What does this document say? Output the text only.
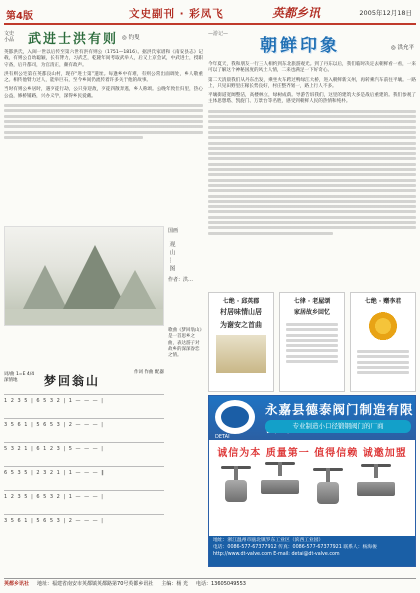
第4版	文史副刊 · 彩凤飞	英都乡讯	2005年12月18日
文史 小品	武进士洪有则 ◎ 钓叟

英都洪氏，入闽一世以后传至第六世有洪有则公（1751—1816）。据洪氏家谱和《南安县志》记载，有则公自幼聪颖，长有膂力，习武艺，乾隆年间考取武举人，后又上京会试，中武进士，授职守备，后升都司，为官清正，颇有政声。

洪有则公宅第在英都良山村，现存“进士第”遗址。每逢乡中有难，有则公常出面调处，乡人敬重之。相传他臂力过人，能举巨石，至今乡间仍流传着许多关于他的故事。

当时有则公乡居时，遇歹徒行劫，公只身迎敌，歹徒四散奔逃，乡人称颂。公晚年致仕归里，热心公益，修桥铺路，兴办义学，深得乡民爱戴。

国画
观山…图
作者：洪…
词/曲 1=E 4/4 深情地	梦回翁山
作词 作曲 配器
1 2 3 5 | 6 5 3 2 | 1 — — — |
3 5 6 1 | 5 6 5 3 | 2 — — — |
5 3 2 1 | 6 1 2 3 | 5 — — — |
6 5 3 5 | 2 3 2 1 | 1 — — — ‖
1 2 3 5 | 6 5 3 2 | 1 — — — |
3 5 6 1 | 5 6 5 3 | 2 — — — |
歌曲《梦回翁山》是一首思乡之曲，表达游子对故乡的深深眷恋之情。
—游记—
朝鲜印象	◎ 洪允平

今年夏天，我和朋友一行三人相约到东北旅游观光。到了丹东以后，我们临时决定去朝鲜看一看，一来可以了解这个神秘国度的风土人情，二来也满足一下好奇心。

第二天清晨我们从丹东出发，乘坐火车跨过鸭绿江大桥，进入朝鲜新义州，再转乘汽车前往平壤。一路上，只见田野里庄稼长势良好，村庄整齐划一，路上行人不多。

平壤街道宽阔整洁，高楼林立，绿树成荫。导游告诉我们，这里的建筑大多是战后重建的。我们参观了主体思想塔、凯旋门、万景台等名胜，感受到朝鲜人民的热情和纯朴。

七绝 · 邱英郡
村居味情山居
为谢安之首曲
七律 · 老屋颂
家居故乡回忆
七绝 · 赠李君
DETAI
永嘉县德泰阀门制造有限
专业制造小口径锻钢阀门的厂商
诚信为本 质量第一 值得信赖 诚邀加盟
地址：浙江温州市瓯北镇罗东工业区（滨西工业园）
电话：0086-577-67377912 传真：0086-577-67377921 联系人：杨海俊
http://www.dt-valve.com E-mail: detai@dt-valve.com
英都乡讯社 地址：福建省南安市英都镇英都路第70号英都乡讯社 主编：杨 光 电话：13605049553
